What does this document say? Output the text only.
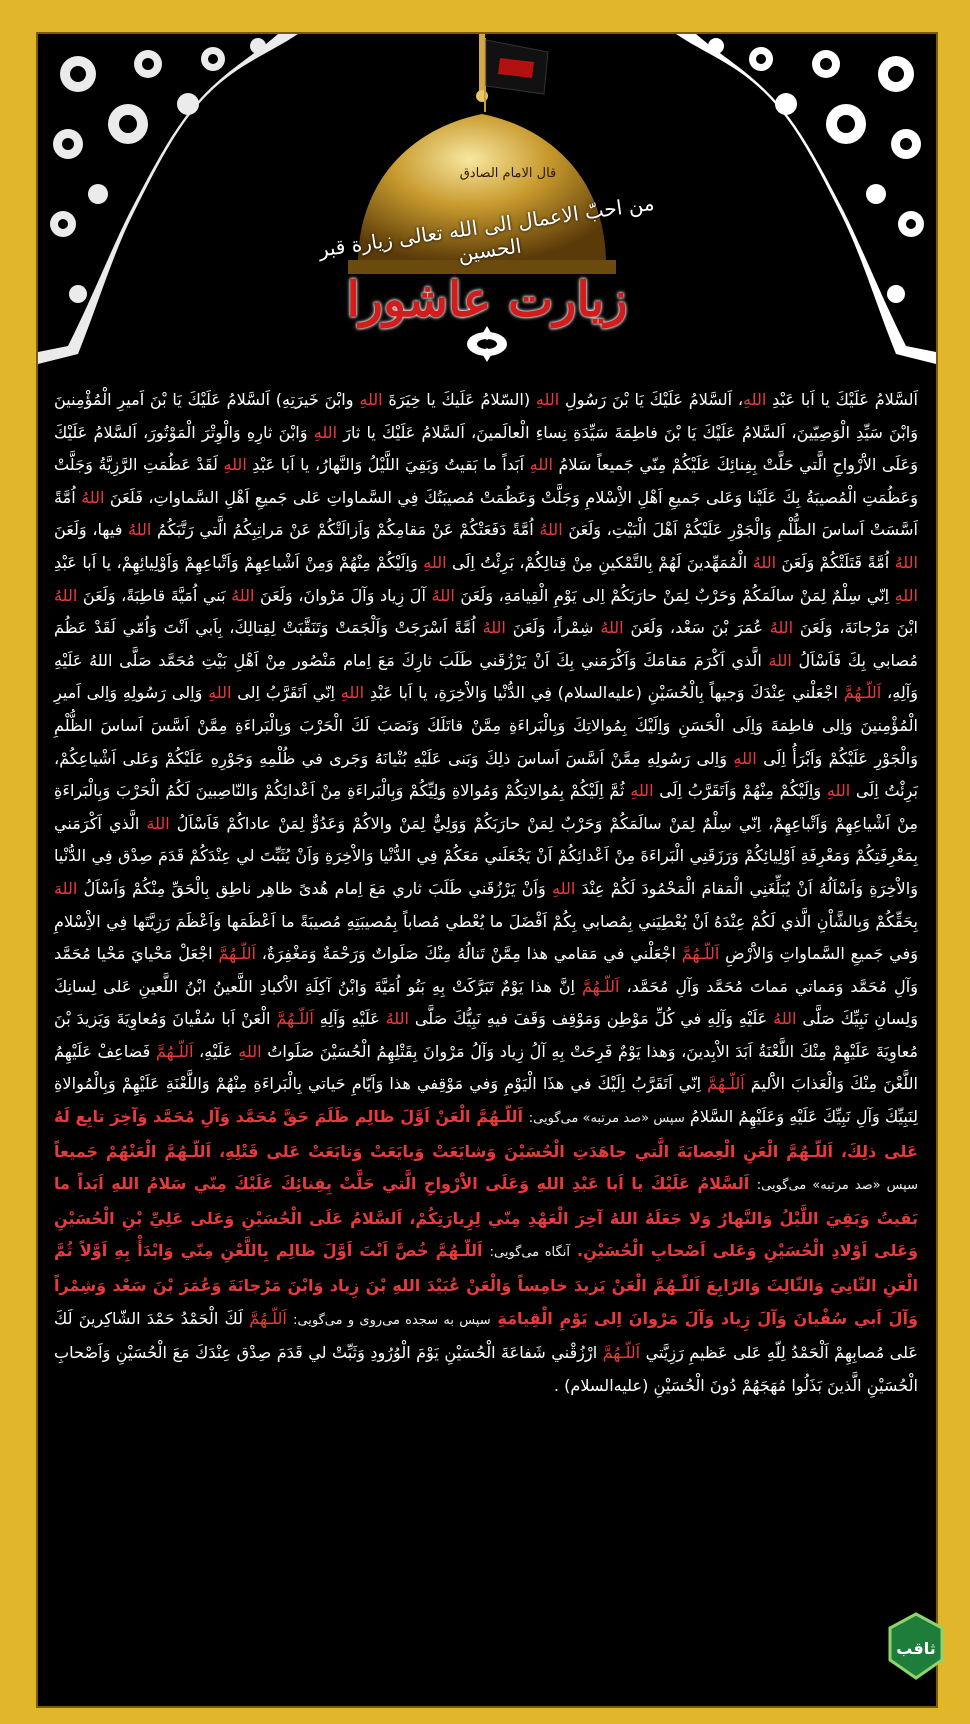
قال الامام الصادق
من احبّ الاعمال الی الله تعالی زیارة قبر الحسین
زیارت عاشورا
اَلسَّلامُ عَلَيْكَ يا اَبا عَبْدِ اللهِ، اَلسَّلامُ عَلَيْكَ يَا بْنَ رَسُولِ اللهِ (السّلامُ عَلَيكَ يا خِيَرَةَ اللهِ وابْنَ خَيرَتِهِ) اَلسَّلامُ عَلَيْكَ يَا بْنَ اَميرِ الْمُؤْمِنينَ وَابْنَ سَيِّدِ الْوَصِيّينَ، اَلسَّلامُ عَلَيْكَ يَا بْنَ فاطِمَةَ سَيِّدَةِ نِساءِ الْعالَمينَ، اَلسَّلامُ عَلَيْكَ يا ثارَ اللهِ وَابْنَ ثارِهِ وَالْوِتْرَ الْمَوْتُورَ، اَلسَّلامُ عَلَيْكَ وَعَلَى الاَْرْواحِ الَّتي حَلَّتْ بِفِنائِكَ عَلَيْكُمْ مِنّي جَميعاً سَلامُ اللهِ اَبَداً ما بَقيتُ وَبَقِيَ اللَّيْلُ وَالنَّهارُ، يا اَبا عَبْدِ اللهِ لَقَدْ عَظُمَتِ الرَّزِيَّةُ وَجَلَّتْ وَعَظُمَتِ الْمُصيبَةُ بِكَ عَلَيْنا وَعَلى جَميعِ اَهْلِ الاِْسْلامِ وَجَلَّتْ وَعَظُمَتْ مُصيبَتُكَ فِي السَّماواتِ عَلى جَميعِ اَهْلِ السَّماواتِ، فَلَعَنَ اللهُ اُمَّةً اَسَّسَتْ اَساسَ الظُّلْمِ وَالْجَوْرِ عَلَيْكُمْ اَهْلَ الْبَيْتِ، وَلَعَنَ اللهُ اُمَّةً دَفَعَتْكُمْ عَنْ مَقامِكُمْ وَاَزالَتْكُمْ عَنْ مَراتِبِكُمُ الَّتي رَتَّبَكُمُ اللهُ فيها، وَلَعَنَ اللهُ اُمَّةً قَتَلَتْكُمْ وَلَعَنَ اللهُ الْمُمَهِّدينَ لَهُمْ بِالتَّمْكينِ مِنْ قِتالِكُمْ، بَرِئْتُ اِلَى اللهِ وَاِلَيْكُمْ مِنْهُمْ وَمِنْ اَشْياعِهِمْ وَاَتْباعِهِمْ وَاَوْلِيائِهِمْ، يا اَبا عَبْدِ اللهِ اِنّي سِلْمٌ لِمَنْ سالَمَكُمْ وَحَرْبٌ لِمَنْ حارَبَكُمْ اِلى يَوْمِ الْقِيامَةِ، وَلَعَنَ اللهُ آلَ زِياد وَآلَ مَرْوانَ، وَلَعَنَ اللهُ بَني اُمَيَّةَ قاطِبَةً، وَلَعَنَ اللهُ ابْنَ مَرْجانَةَ، وَلَعَنَ اللهُ عُمَرَ بْنَ سَعْد، وَلَعَنَ اللهُ شِمْراً، وَلَعَنَ اللهُ اُمَّةً اَسْرَجَتْ وَاَلْجَمَتْ وَتَنَقَّبَتْ لِقِتالِكَ، بِاَبي اَنْتَ وَاُمّي لَقَدْ عَظُمَ مُصابي بِكَ فَاَسْاَلُ اللهَ الَّذي اَكْرَمَ مَقامَكَ وَاَكْرَمَني بِكَ اَنْ يَرْزُقَني طَلَبَ ثارِكَ مَعَ اِمام مَنْصُور مِنْ اَهْلِ بَيْتِ مُحَمَّد صَلَّى اللهُ عَلَيْهِ وَآلِهِ، اَللّـهُمَّ اجْعَلْني عِنْدَكَ وَجيهاً بِالْحُسَيْنِ (عليه‌السلام) فِي الدُّنْيا وَالاْخِرَةِ، يا اَبا عَبْدِ اللهِ اِنّي اَتَقَرَّبُ اِلى اللهِ وَاِلى رَسُولِهِ وَاِلى اَميرِ الْمُؤْمِنينَ وَاِلى فاطِمَةَ وَاِلَى الْحَسَنِ وَاِلَيْكَ بِمُوالاتِكَ وَبِالْبَراءَةِ مِمَّنْ قاتَلَكَ وَنَصَبَ لَكَ الْحَرْبَ وَبِالْبَراءَةِ مِمَّنْ اَسَّسَ اَساسَ الظُّلْمِ وَالْجَوْرِ عَلَيْكُمْ وَاَبْرَأُ اِلَى اللهِ وَاِلى رَسُولِهِ مِمَّنْ اَسَّسَ اَساسَ ذلِكَ وَبَنى عَلَيْهِ بُنْيانَهُ وَجَرى في ظُلْمِهِ وَجَوْرِهِ عَلَيْكُمْ وَعَلى اَشْياعِكُمْ، بَرِئْتُ اِلَى اللهِ وَاِلَيْكُمْ مِنْهُمْ وَاَتَقَرَّبُ اِلَى اللهِ ثُمَّ اِلَيْكُمْ بِمُوالاتِكُمْ وَمُوالاةِ وَلِيِّكُمْ وَبِالْبَراءَةِ مِنْ اَعْدائِكُمْ وَالنّاصِبينَ لَكُمُ الْحَرْبَ وَبِالْبَراءَةِ مِنْ اَشْياعِهِمْ وَاَتْباعِهِمْ، اِنّي سِلْمٌ لِمَنْ سالَمَكُمْ وَحَرْبٌ لِمَنْ حارَبَكُمْ وَوَلِيٌّ لِمَنْ والاكُمْ وَعَدُوٌّ لِمَنْ عاداكُمْ فَاَسْاَلُ اللهَ الَّذي اَكْرَمَني بِمَعْرِفَتِكُمْ وَمَعْرِفَةِ اَوْلِيائِكُمْ وَرَزَقَنِي الْبَراءَةَ مِنْ اَعْدائِكُمْ اَنْ يَجْعَلَني مَعَكُمْ فِي الدُّنْيا وَالاْخِرَةِ وَاَنْ يُثَبِّتَ لي عِنْدَكُمْ قَدَمَ صِدْق فِي الدُّنْيا وَالاْخِرَةِ وَاَسْاَلُهُ اَنْ يُبَلِّغَنِي الْمَقامَ الْمَحْمُودَ لَكُمْ عِنْدَ اللهِ وَاَنْ يَرْزُقَني طَلَبَ ثاري مَعَ اِمام هُدىً ظاهِر ناطِق بِالْحَقِّ مِنْكُمْ وَاَسْاَلُ اللهَ بِحَقِّكُمْ وَبِالشَّاْنِ الَّذي لَكُمْ عِنْدَهُ اَنْ يُعْطِيَني بِمُصابي بِكُمْ اَفْضَلَ ما يُعْطي مُصاباً بِمُصيبَتِهِ مُصيبَةً ما اَعْظَمَها وَاَعْظَمَ رَزِيَّتَها فِي الاِْسْلامِ وَفي جَميعِ السَّماواتِ وَالاَْرْضِ اَللّـهُمَّ اجْعَلْني في مَقامي هذا مِمَّنْ تَنالُهُ مِنْكَ صَلَواتٌ وَرَحْمَةٌ وَمَغْفِرَةٌ، اَللّـهُمَّ اجْعَلْ مَحْيايَ مَحْيا مُحَمَّد وَآلِ مُحَمَّد وَمَماتي مَماتَ مُحَمَّد وَآلِ مُحَمَّد، اَللّـهُمَّ اِنَّ هذا يَوْمٌ تَبَرَّكَتْ بِهِ بَنُو اُمَيَّةَ وَابْنُ آكِلَةِ الاَْكبادِ اللَّعينُ ابْنُ اللَّعينِ عَلى لِسانِكَ وَلِسانِ نَبِيِّكَ صَلَّى اللهُ عَلَيْهِ وَآلِهِ في كُلِّ مَوْطِن وَمَوْقِف وَقَفَ فيهِ نَبِيُّكَ صَلَّى اللهُ عَلَيْهِ وَآلِهِ اَللّـهُمَّ الْعَنْ اَبا سُفْيانَ وَمُعاوِيَةَ وَيَزيدَ بْنَ مُعاوِيَةَ عَلَيْهِمْ مِنْكَ اللَّعْنَةُ اَبَدَ الاْبِدينَ، وَهذا يَوْمٌ فَرِحَتْ بِهِ آلُ زِياد وَآلُ مَرْوانَ بِقَتْلِهِمُ الْحُسَيْنَ صَلَواتُ اللهِ عَلَيْهِ، اَللّـهُمَّ فَضاعِفْ عَلَيْهِمُ اللَّعْنَ مِنْكَ وَالْعَذابَ الاَْليمَ اَللّـهُمَّ اِنّي اَتَقَرَّبُ اِلَيْكَ في هذَا الْيَوْمِ وَفي مَوْقِفي هذا وَاَيّامِ حَياتي بِالْبَراءَةِ مِنْهُمْ وَاللَّعْنَةِ عَلَيْهِمْ وَبِالْمُوالاةِ لِنَبِيِّكَ وَآلِ نَبِيِّكَ عَلَيْهِ وَعَلَيْهِمُ السَّلامُ سپس «صد مرتبه» می‌گویی: اَللّـهُمَّ الْعَنْ اَوَّلَ ظالِم ظَلَمَ حَقَّ مُحَمَّد وَآلِ مُحَمَّد وَآخِرَ تابِع لَهُ عَلى ذلِكَ، اَللّـهُمَّ الْعَنِ الْعِصابَةَ الَّتي جاهَدَتِ الْحُسَيْنَ وَشايَعَتْ وَبايَعَتْ وَتابَعَتْ عَلى قَتْلِهِ، اَللّـهُمَّ الْعَنْهُمْ جَميعاً سپس «صد مرتبه» می‌گویی: اَلسَّلامُ عَلَيْكَ يا اَبا عَبْدِ اللهِ وَعَلَى الاَْرْواحِ الَّتي حَلَّتْ بِفِنائِكَ عَلَيْكَ مِنّي سَلامُ اللهِ اَبَداً ما بَقيتُ وَبَقِيَ اللَّيْلُ وَالنَّهارُ وَلا جَعَلَهُ اللهُ آخِرَ الْعَهْدِ مِنّي لِزِيارَتِكُمْ، اَلسَّلامُ عَلَى الْحُسَيْنِ وَعَلى عَلِيِّ بْنِ الْحُسَيْنِ وَعَلى اَوْلادِ الْحُسَيْنِ وَعَلى اَصْحابِ الْحُسَيْنِ. آنگاه می‌گویی: اَللّـهُمَّ خُصَّ اَنْتَ اَوَّلَ ظالِم بِاللَّعْنِ مِنّي وَابْدَأْ بِهِ اَوَّلاً ثُمَّ الْعَنِ الثّانِيَ وَالثّالِثَ وَالرّابِعَ اَللّـهُمَّ الْعَنْ يَزيدَ خامِساً وَالْعَنْ عُبَيْدَ اللهِ بْنَ زِياد وَابْنَ مَرْجانَةَ وَعُمَرَ بْنَ سَعْد وَشِمْراً وَآلَ اَبي سُفْيانَ وَآلَ زِياد وَآلَ مَرْوانَ اِلى يَوْمِ الْقِيامَةِ سپس به سجده می‌روی و می‌گویی: اَللّـهُمَّ لَكَ الْحَمْدُ حَمْدَ الشّاكِرينَ لَكَ عَلى مُصابِهِمْ اَلْحَمْدُ لِلّهِ عَلى عَظيمِ رَزِيَّتي اَللّـهُمَّ ارْزُقْني شَفاعَةَ الْحُسَيْنِ يَوْمَ الْوُرُودِ وَثَبِّتْ لي قَدَمَ صِدْق عِنْدَكَ مَعَ الْحُسَيْنِ وَاَصْحابِ الْحُسَيْنِ الَّذينَ بَذَلُوا مُهَجَهُمْ دُونَ الْحُسَيْنِ (عليه‌السلام) .
ثاقب
